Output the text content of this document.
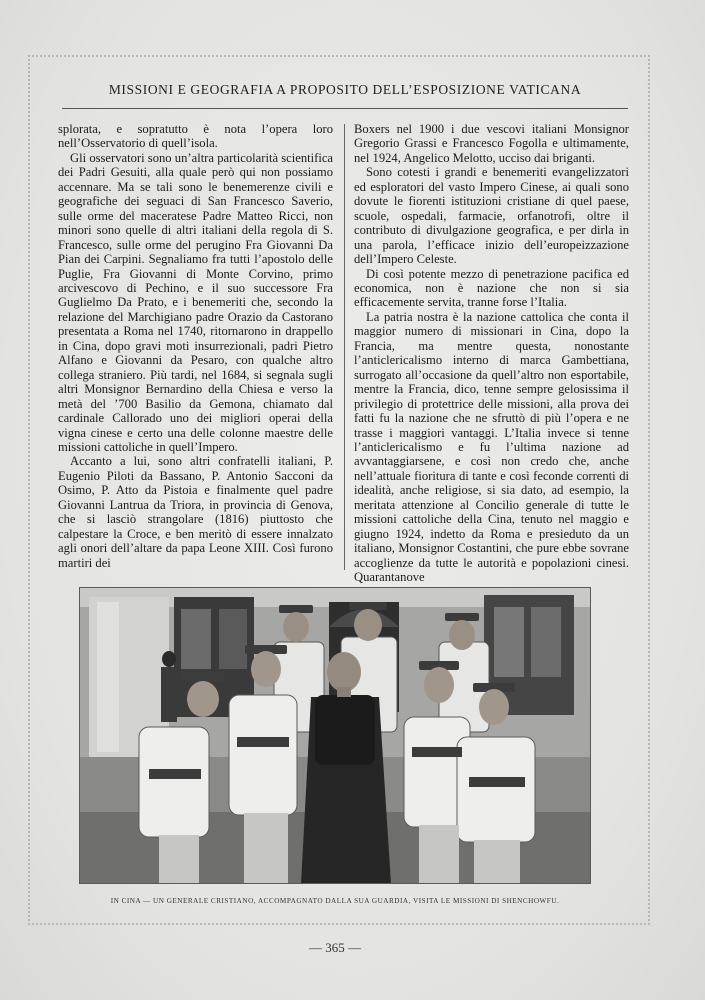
MISSIONI E GEOGRAFIA A PROPOSITO DELL’ESPOSIZIONE VATICANA

splorata, e sopratutto è nota l’opera loro nell’Osservatorio di quell’isola.

Gli osservatori sono un’altra particolarità scientifica dei Padri Gesuiti, alla quale però qui non possiamo accennare. Ma se tali sono le benemerenze civili e geografiche dei seguaci di San Francesco Saverio, sulle orme del maceratese Padre Matteo Ricci, non minori sono quelle di altri italiani della regola di S. Francesco, sulle orme del perugino Fra Giovanni Da Pian dei Carpini. Segnaliamo fra tutti l’apostolo delle Puglie, Fra Giovanni di Monte Corvino, primo arcivescovo di Pechino, e il suo successore Fra Guglielmo Da Prato, e i benemeriti che, secondo la relazione del Marchigiano padre Orazio da Castorano presentata a Roma nel 1740, ritornarono in drappello in Cina, dopo gravi moti insurrezionali, padri Pietro Alfano e Giovanni da Pesaro, con qualche altro collega straniero. Più tardi, nel 1684, si segnala sugli altri Monsignor Bernardino della Chiesa e verso la metà del ’700 Basilio da Gemona, chiamato dal cardinale Callorado uno dei migliori operai della vigna cinese e certo una delle colonne maestre delle missioni cattoliche in quell’Impero.

Accanto a lui, sono altri confratelli italiani, P. Eugenio Piloti da Bassano, P. Antonio Sacconi da Osimo, P. Atto da Pistoia e finalmente quel padre Giovanni Lantrua da Triora, in provincia di Genova, che si lasciò strangolare (1816) piuttosto che calpestare la Croce, e ben meritò di essere innalzato agli onori dell’altare da papa Leone XIII. Così furono martiri dei

Boxers nel 1900 i due vescovi italiani Monsignor Gregorio Grassi e Francesco Fogolla e ultimamente, nel 1924, Angelico Melotto, ucciso dai briganti.

Sono cotesti i grandi e benemeriti evangelizzatori ed esploratori del vasto Impero Cinese, ai quali sono dovute le fiorenti istituzioni cristiane di quel paese, scuole, ospedali, farmacie, orfanotrofi, oltre il contributo di divulgazione geografica, e per dirla in una parola, l’efficace inizio dell’europeizzazione dell’Impero Celeste.

Di così potente mezzo di penetrazione pacifica ed economica, non è nazione che non si sia efficacemente servita, tranne forse l’Italia.

La patria nostra è la nazione cattolica che conta il maggior numero di missionari in Cina, dopo la Francia, ma mentre questa, nonostante l’anticlericalismo interno di marca Gambettiana, surrogato all’occasione da quell’altro non esportabile, mentre la Francia, dico, tenne sempre gelosissima il privilegio di protettrice delle missioni, alla prova dei fatti fu la nazione che ne sfruttò di più l’opera e ne trasse i maggiori vantaggi. L’Italia invece si tenne l’anticlericalismo e fu l’ultima nazione ad avvantaggiarsene, e così non credo che, anche nell’attuale fioritura di tante e così feconde correnti di idealità, anche religiose, si sia dato, ad esempio, la meritata attenzione al Concilio generale di tutte le missioni cattoliche della Cina, tenuto nel maggio e giugno 1924, indetto da Roma e presieduto da un italiano, Monsignor Costantini, che pure ebbe sovrane accoglienze da tutte le autorità e popolazioni cinesi. Quarantanove

IN CINA — UN GENERALE CRISTIANO, ACCOMPAGNATO DALLA SUA GUARDIA, VISITA LE MISSIONI DI SHENCHOWFU.
— 365 —
